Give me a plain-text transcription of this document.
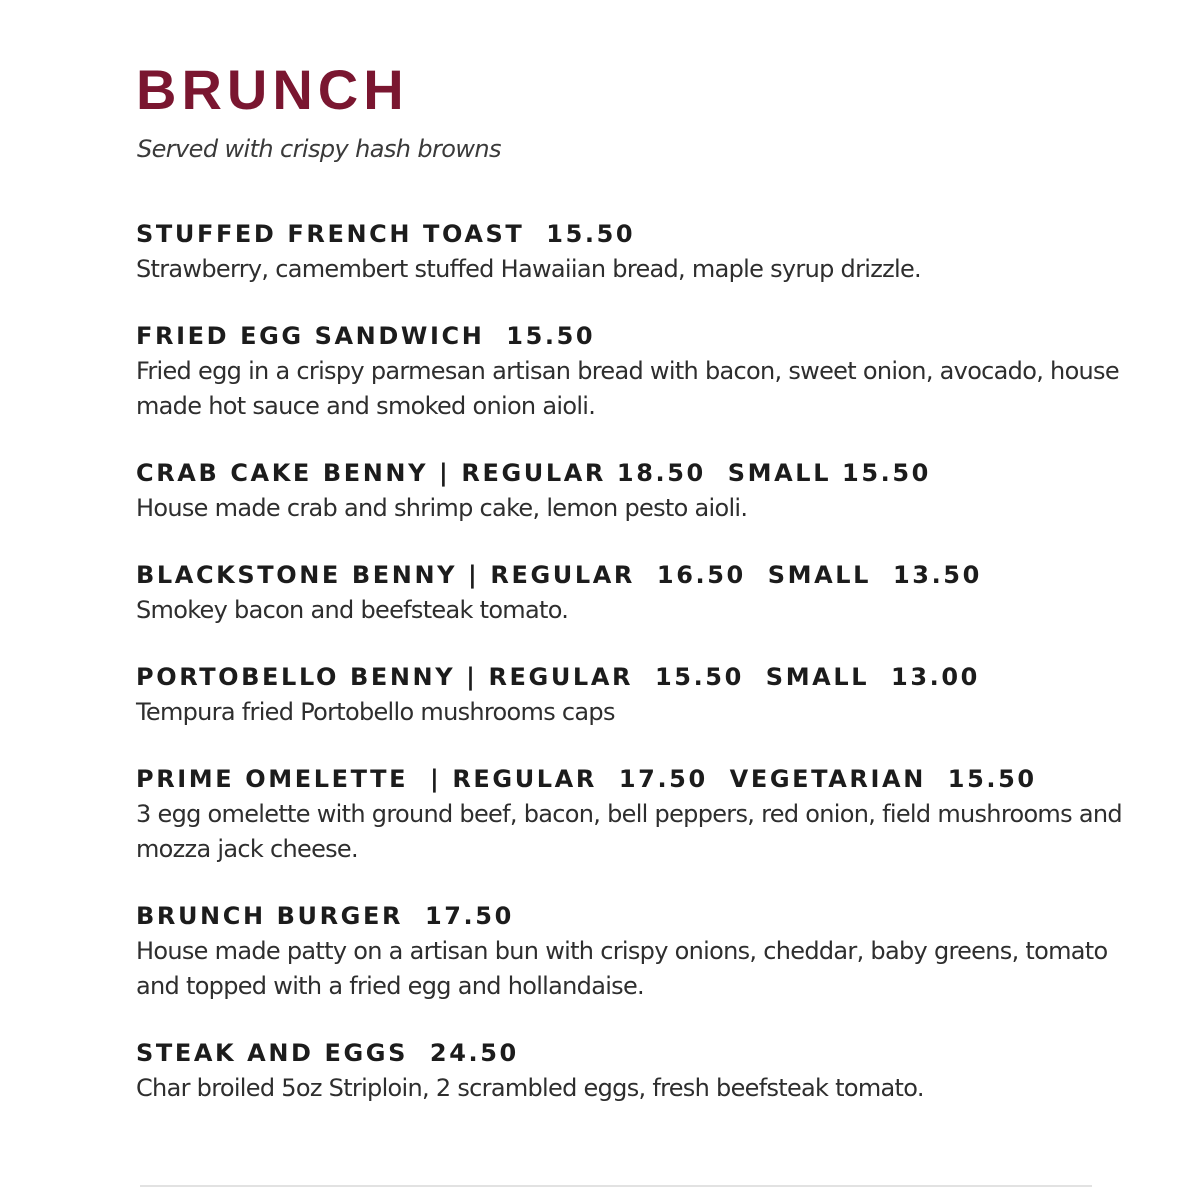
BRUNCH

Served with crispy hash browns

STUFFED FRENCH TOAST  15.50

Strawberry, camembert stuffed Hawaiian bread, maple syrup drizzle.

FRIED EGG SANDWICH  15.50

Fried egg in a crispy parmesan artisan bread with bacon, sweet onion, avocado, house made hot sauce and smoked onion aioli.

CRAB CAKE BENNY | REGULAR 18.50  SMALL 15.50

House made crab and shrimp cake, lemon pesto aioli.

BLACKSTONE BENNY | REGULAR  16.50  SMALL  13.50

Smokey bacon and beefsteak tomato.

PORTOBELLO BENNY | REGULAR  15.50  SMALL  13.00

Tempura fried Portobello mushrooms caps

PRIME OMELETTE  | REGULAR  17.50  VEGETARIAN  15.50

3 egg omelette with ground beef, bacon, bell peppers, red onion, field mushrooms and mozza jack cheese.

BRUNCH BURGER  17.50

House made patty on a artisan bun with crispy onions, cheddar, baby greens, tomato and topped with a fried egg and hollandaise.

STEAK AND EGGS  24.50

Char broiled 5oz Striploin, 2 scrambled eggs, fresh beefsteak tomato.
